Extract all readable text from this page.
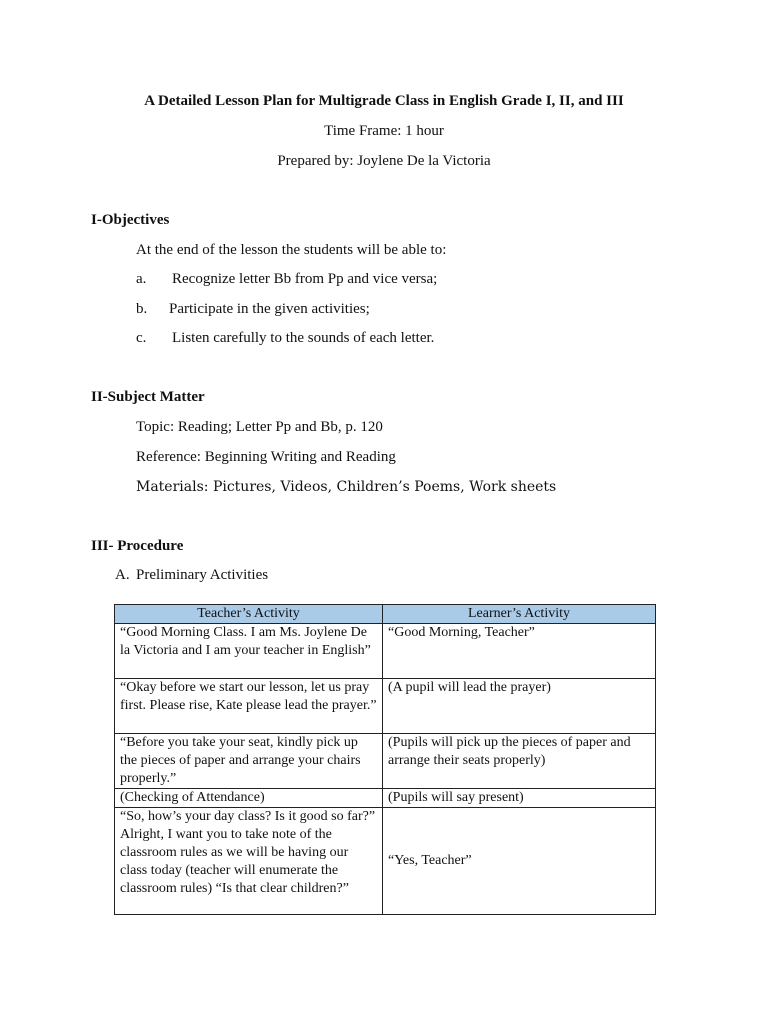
A Detailed Lesson Plan for Multigrade Class in English Grade I, II, and III
Time Frame: 1 hour
Prepared by: Joylene De la Victoria
I-Objectives
At the end of the lesson the students will be able to:
a. Recognize letter Bb from Pp and vice versa;
b. Participate in the given activities;
c. Listen carefully to the sounds of each letter.
II-Subject Matter
Topic: Reading; Letter Pp and Bb, p. 120
Reference: Beginning Writing and Reading
Materials: Pictures, Videos, Children’s Poems, Work sheets
III- Procedure
A. Preliminary Activities
Teacher’s Activity	Learner’s Activity
“Good Morning Class. I am Ms. Joylene De la Victoria and I am your teacher in English”	“Good Morning, Teacher”
“Okay before we start our lesson, let us pray first. Please rise, Kate please lead the prayer.”	(A pupil will lead the prayer)
“Before you take your seat, kindly pick up the pieces of paper and arrange your chairs properly.”	(Pupils will pick up the pieces of paper and arrange their seats properly)
(Checking of Attendance)	(Pupils will say present)
“So, how’s your day class? Is it good so far?” Alright, I want you to take note of the classroom rules as we will be having our class today (teacher will enumerate the classroom rules) “Is that clear children?”	“Yes, Teacher”
